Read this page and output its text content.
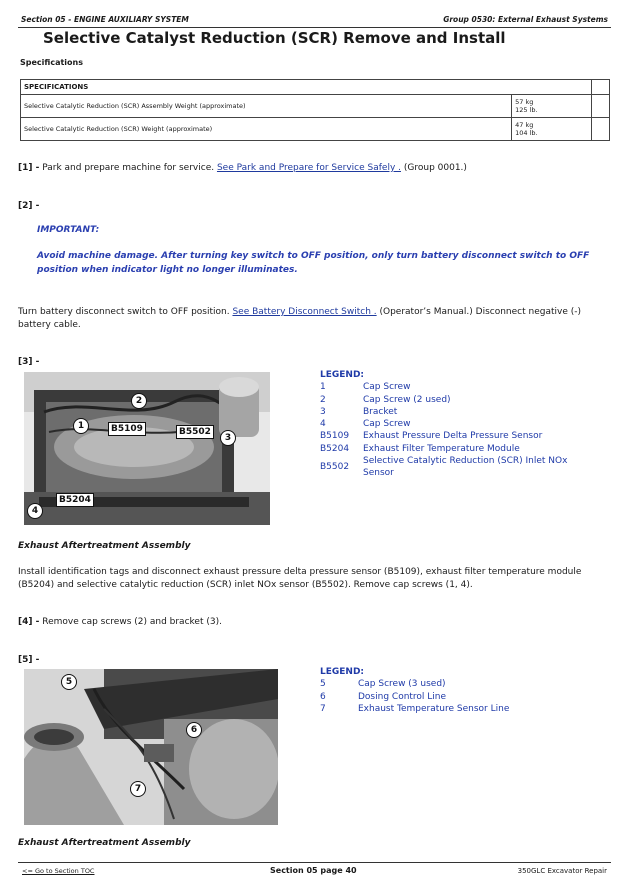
Section 05 - ENGINE AUXILIARY SYSTEM	Group 0530: External Exhaust Systems
Selective Catalyst Reduction (SCR) Remove and Install
Specifications
SPECIFICATIONS		
Selective Catalytic Reduction (SCR) Assembly Weight (approximate)	57 kg
125 lb.	

Selective Catalytic Reduction (SCR) Weight (approximate)	47 kg
104 lb.	

[1] - Park and prepare machine for service. See Park and Prepare for Service Safely . (Group 0001.)
[2] -
IMPORTANT:
Avoid machine damage. After turning key switch to OFF position, only turn battery disconnect switch to OFF position when indicator light no longer illuminates.
Turn battery disconnect switch to OFF position. See Battery Disconnect Switch . (Operator’s Manual.) Disconnect negative (-) battery cable.
[3] -
1
2
3
4
B5109	B5502
B5204
LEGEND:
1	Cap Screw
2	Cap Screw (2 used)
3	Bracket
4	Cap Screw
B5109	Exhaust Pressure Delta Pressure Sensor
B5204	Exhaust Filter Temperature Module
B5502
Selective Catalytic Reduction (SCR) Inlet NOx Sensor
Exhaust Aftertreatment Assembly
Install identification tags and disconnect exhaust pressure delta pressure sensor (B5109), exhaust filter temperature module (B5204) and selective catalytic reduction (SCR) inlet NOx sensor (B5502). Remove cap screws (1, 4).
[4] - Remove cap screws (2) and bracket (3).
[5] -
5
6
7
LEGEND:
5	Cap Screw (3 used)
6	Dosing Control Line
7	Exhaust Temperature Sensor Line
Exhaust Aftertreatment Assembly
<= Go to Section TOC	Section 05 page 40	350GLC Excavator Repair
